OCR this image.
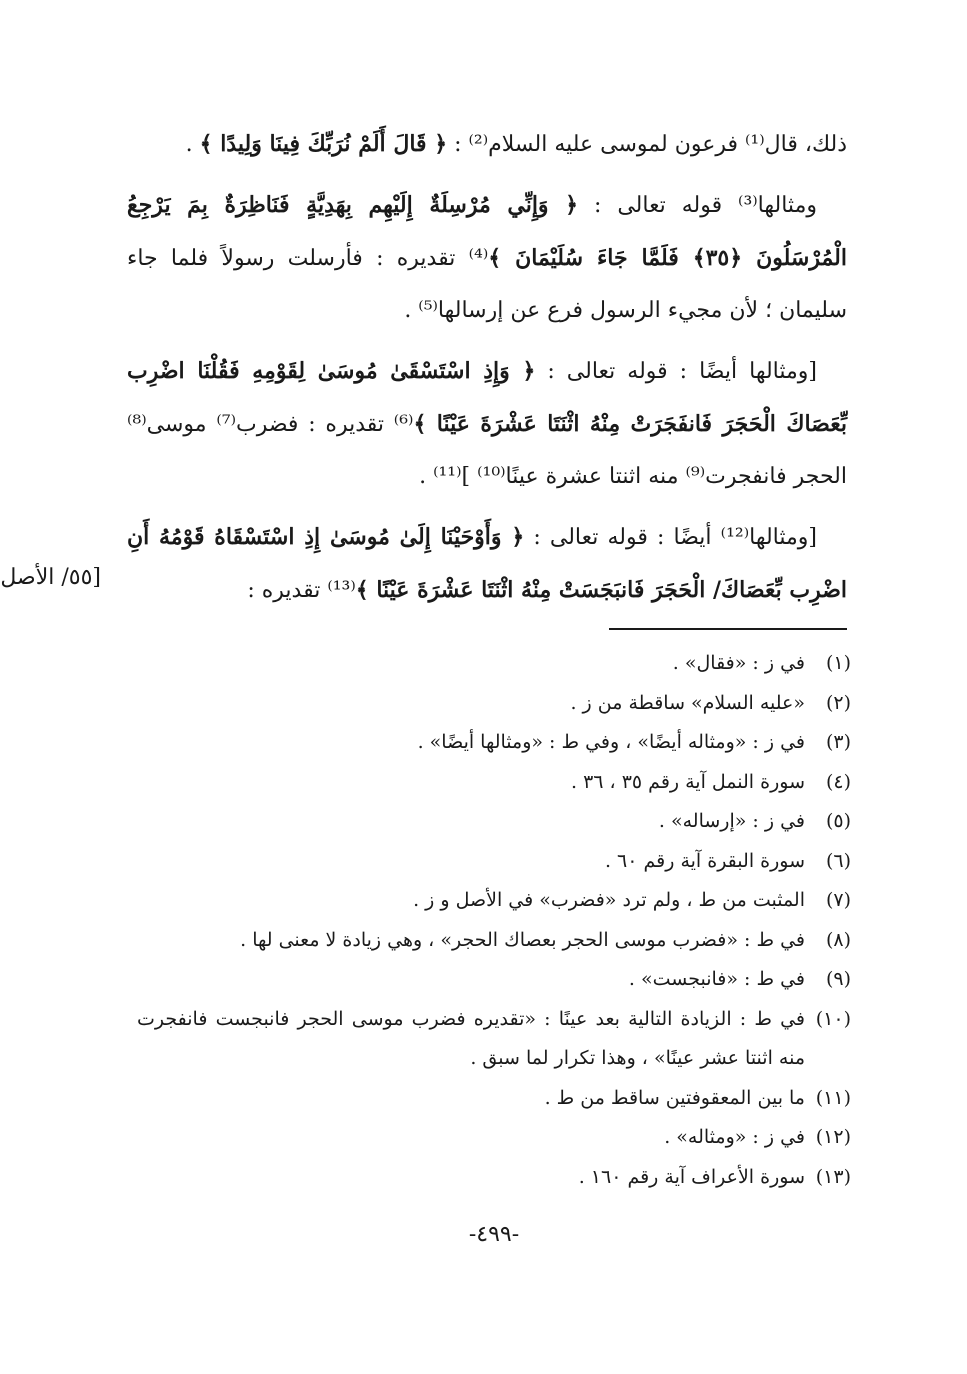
ذلك، قال⁽¹⁾ فرعون لموسى عليه السلام⁽²⁾ : ﴿ قَالَ أَلَمْ نُرَبِّكَ فِينَا وَلِيدًا ﴾ .

ومثالها⁽³⁾ قوله تعالى : ﴿ وَإِنِّي مُرْسِلَةٌ إِلَيْهِم بِهَدِيَّةٍ فَنَاظِرَةٌ بِمَ يَرْجِعُ الْمُرْسَلُونَ ﴿٣٥﴾ فَلَمَّا جَاءَ سُلَيْمَانَ ﴾⁽⁴⁾ تقديره : فأرسلت رسولاً فلما جاء سليمان ؛ لأن مجيء الرسول فرع عن إرسالها⁽⁵⁾ .

[ومثالها أيضًا : قوله تعالى : ﴿ وَإِذِ اسْتَسْقَىٰ مُوسَىٰ لِقَوْمِهِ فَقُلْنَا اضْرِب بِّعَصَاكَ الْحَجَرَ فَانفَجَرَتْ مِنْهُ اثْنَتَا عَشْرَةَ عَيْنًا ﴾⁽⁶⁾ تقديره : فضرب⁽⁷⁾ موسى⁽⁸⁾ الحجر فانفجرت⁽⁹⁾ منه اثنتا عشرة عينًا⁽¹⁰⁾ ]⁽¹¹⁾ .

[ومثالها⁽¹²⁾ أيضًا : قوله تعالى : ﴿ وَأَوْحَيْنَا إِلَىٰ مُوسَىٰ إِذِ اسْتَسْقَاهُ قَوْمُهُ أَنِ اضْرِب بِّعَصَاكَ/ الْحَجَرَ فَانبَجَسَتْ مِنْهُ اثْنَتَا عَشْرَةَ عَيْنًا ﴾⁽¹³⁾ تقديره :

[٥٥/ الأصل
(١)
في ز : «فقال» .
(٢)
«عليه السلام» ساقطة من ز .
(٣)
في ز : «ومثاله أيضًا» ، وفي ط : «ومثالها أيضًا» .
(٤)
سورة النمل آية رقم ٣٥ ، ٣٦ .
(٥)
في ز : «إرساله» .
(٦)
سورة البقرة آية رقم ٦٠ .
(٧)
المثبت من ط ، ولم ترد «فضرب» في الأصل و ز .
(٨)
في ط : «فضرب موسى الحجر بعصاك الحجر» ، وهي زيادة لا معنى لها .
(٩)
في ط : «فانبجست» .
(١٠)
في ط : الزيادة التالية بعد عينًا : «تقديره فضرب موسى الحجر فانبجست فانفجرت منه اثنتا عشر عينًا» ، وهذا تكرار لما سبق .
(١١)
ما بين المعقوفتين ساقط من ط .
(١٢)
في ز : «ومثاله» .
(١٣)
سورة الأعراف آية رقم ١٦٠ .
-٤٩٩-
